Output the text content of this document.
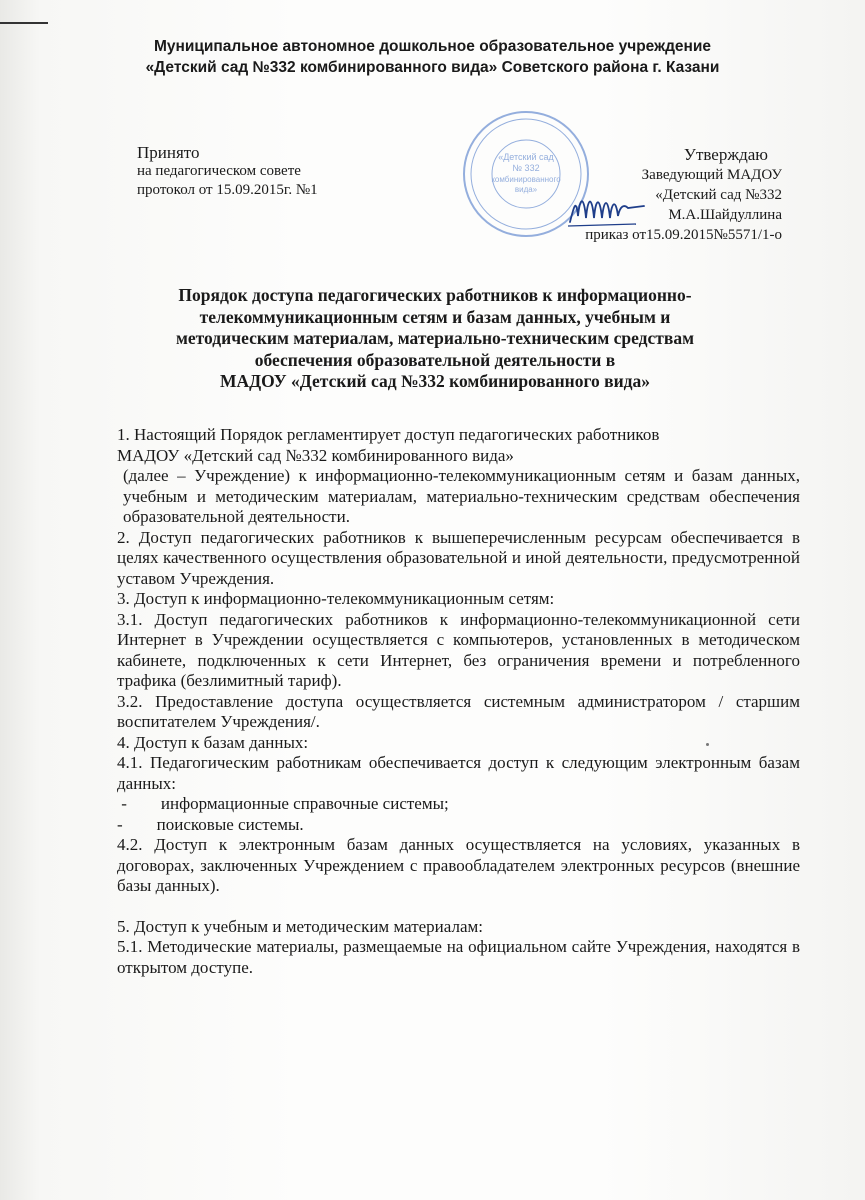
Муниципальное автономное дошкольное образовательное учреждение
«Детский сад №332 комбинированного вида» Советского района г. Казани
Принято
на педагогическом совете
протокол от 15.09.2015г. №1
«Детский сад
№ 332
комбинированного
вида»
Утверждаю
Заведующий МАДОУ
«Детский сад №332
М.А.Шайдуллина
приказ от15.09.2015№5571/1-о
Порядок доступа педагогических работников к информационно-
телекоммуникационным сетям и базам данных, учебным и
методическим материалам, материально-техническим средствам
обеспечения образовательной деятельности в
МАДОУ «Детский сад №332 комбинированного вида»
1. Настоящий Порядок регламентирует доступ педагогических работников
МАДОУ «Детский сад №332 комбинированного вида»
(далее – Учреждение) к информационно-телекоммуникационным сетям и базам данных, учебным и методическим материалам, материально-техническим средствам обеспечения образовательной деятельности.
2. Доступ педагогических работников к вышеперечисленным ресурсам обеспечивается в целях качественного осуществления образовательной и иной деятельности, предусмотренной уставом Учреждения.
3. Доступ к информационно-телекоммуникационным сетям:
3.1. Доступ педагогических работников к информационно-телекоммуникационной сети Интернет в Учреждении осуществляется с компьютеров, установленных в методическом кабинете, подключенных к сети Интернет, без ограничения времени и потребленного трафика (безлимитный тариф).
3.2. Предоставление доступа осуществляется системным администратором / старшим воспитателем Учреждения/.
4. Доступ к базам данных:
4.1. Педагогическим работникам обеспечивается доступ к следующим электронным базам данных:
-        информационные справочные системы;
-        поисковые системы.
4.2. Доступ к электронным базам данных осуществляется на условиях, указанных в договорах, заключенных Учреждением с правообладателем электронных ресурсов (внешние базы данных).
5. Доступ к учебным и методическим материалам:
5.1. Методические материалы, размещаемые на официальном сайте Учреждения, находятся в открытом доступе.
